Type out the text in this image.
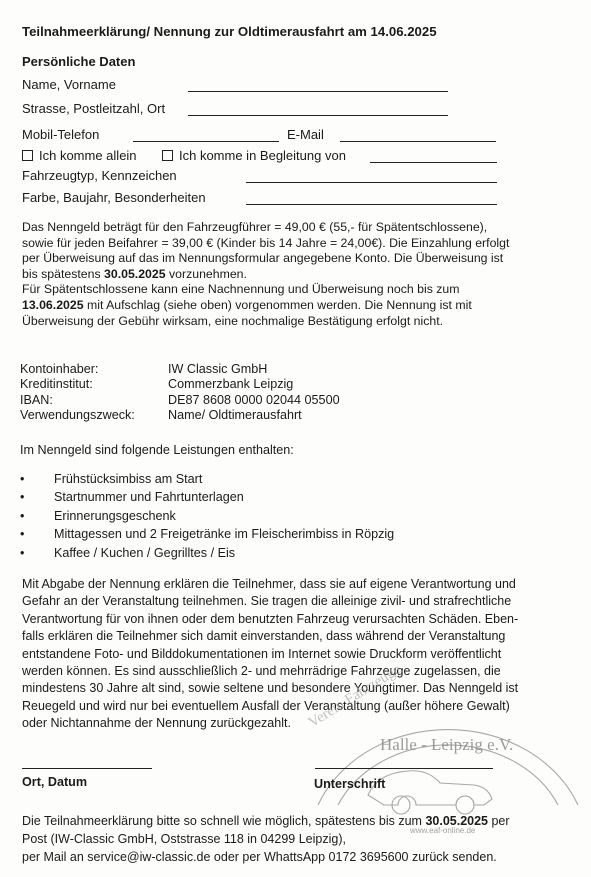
Teilnahmeerklärung/ Nennung zur Oldtimerausfahrt am 14.06.2025
Persönliche Daten
Name, Vorname
Strasse, Postleitzahl, Ort
Mobil-Telefon	E-Mail
Ich komme allein	Ich komme in Begleitung von
Fahrzeugtyp, Kennzeichen
Farbe, Baujahr, Besonderheiten

Das Nenngeld beträgt für den Fahrzeugführer = 49,00 € (55,- für Spätentschlossene),

sowie für jeden Beifahrer = 39,00 € (Kinder bis 14 Jahre = 24,00€). Die Einzahlung erfolgt

per Überweisung auf das im Nennungsformular angegebene Konto. Die Überweisung ist

bis spätestens 30.05.2025 vorzunehmen.

Für Spätentschlossene kann eine Nachnennung und Überweisung noch bis zum

13.06.2025 mit Aufschlag (siehe oben) vorgenommen werden. Die Nennung ist mit

Überweisung der Gebühr wirksam, eine nochmalige Bestätigung erfolgt nicht.

Kontoinhaber:	IW Classic GmbH
Kreditinstitut:	Commerzbank Leipzig
IBAN:	DE87 8608 0000 02044 05500
Verwendungszweck:	Name/ Oldtimerausfahrt
Im Nenngeld sind folgende Leistungen enthalten:
• Frühstücksimbiss am Start
• Startnummer und Fahrtunterlagen
• Erinnerungsgeschenk
• Mittagessen und 2 Freigetränke im Fleischerimbiss in Röpzig
• Kaffee / Kuchen / Gegrilltes / Eis

Mit Abgabe der Nennung erklären die Teilnehmer, dass sie auf eigene Verantwortung und

Gefahr an der Veranstaltung teilnehmen. Sie tragen die alleinige zivil- und strafrechtliche

Verantwortung für von ihnen oder dem benutzten Fahrzeug verursachten Schäden. Eben-

falls erklären die Teilnehmer sich damit einverstanden, dass während der Veranstaltung

entstandene Foto- und Bilddokumentationen im Internet sowie Druckform veröffentlicht

werden können. Es sind ausschließlich 2- und mehrrädrige Fahrzeuge zugelassen, die

mindestens 30 Jahre alt sind, sowie seltene und besondere Youngtimer. Das Nenngeld ist

Reuegeld und wird nur bei eventuellem Ausfall der Veranstaltung (außer höhere Gewalt)

oder Nichtannahme der Nennung zurückgezahlt.

Halle - Leipzig e.V.
Verein Fahrzeuge
www.eaf-online.de
Ort, Datum	Unterschrift

Die Teilnahmeerklärung bitte so schnell wie möglich, spätestens bis zum 30.05.2025 per

Post (IW-Classic GmbH, Oststrasse 118 in 04299 Leipzig),

per Mail an service@iw-classic.de oder per WhattsApp 0172 3695600 zurück senden.
